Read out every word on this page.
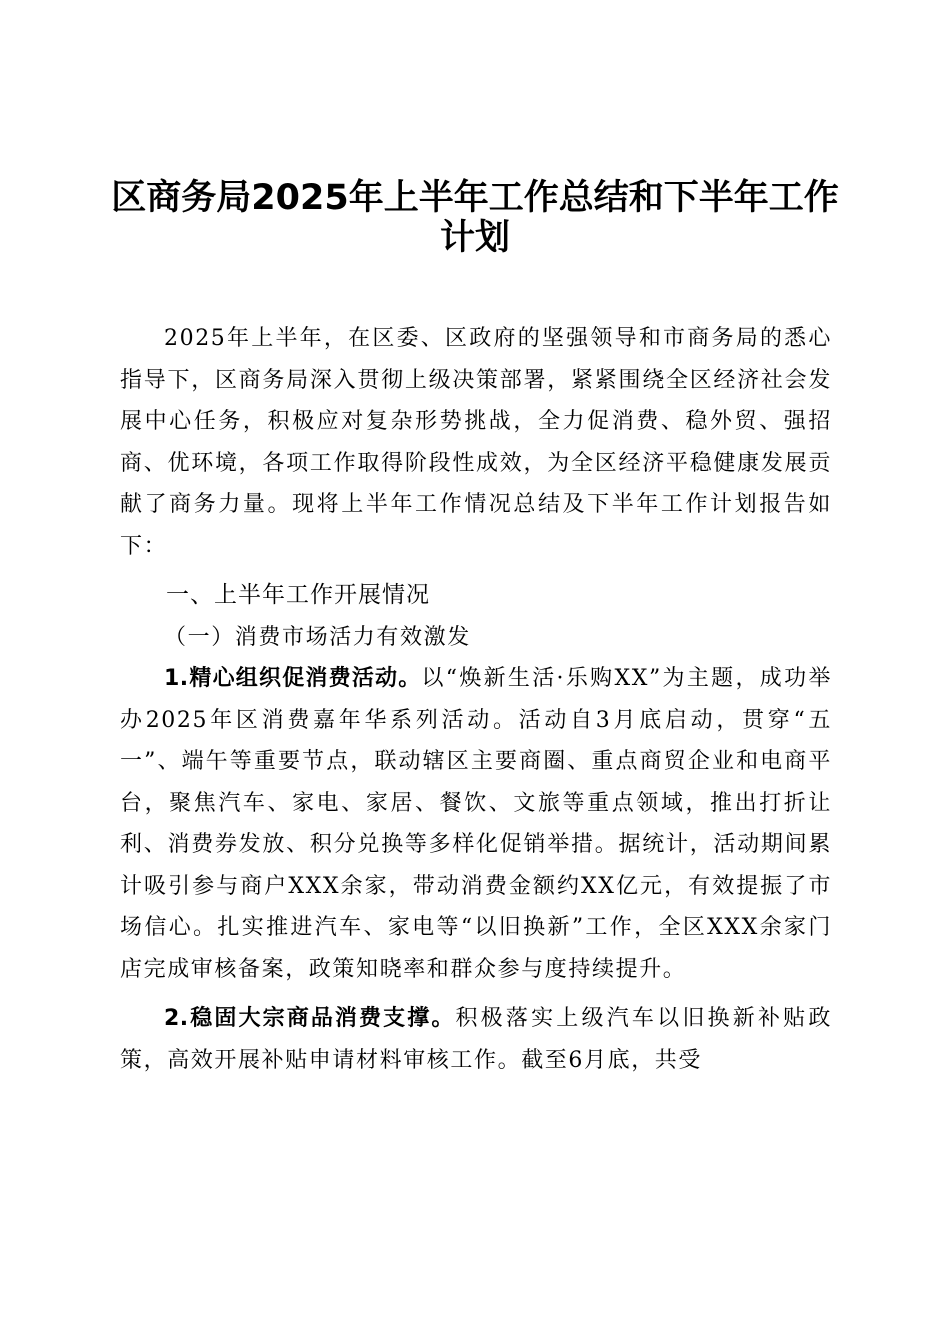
区商务局2025年上半年工作总结和下半年工作计划

2025年上半年，在区委、区政府的坚强领导和市商务局的悉心指导下，区商务局深入贯彻上级决策部署，紧紧围绕全区经济社会发展中心任务，积极应对复杂形势挑战，全力促消费、稳外贸、强招商、优环境，各项工作取得阶段性成效，为全区经济平稳健康发展贡献了商务力量。现将上半年工作情况总结及下半年工作计划报告如下：

一、上半年工作开展情况

（一）消费市场活力有效激发

1.精心组织促消费活动。以“焕新生活·乐购XX”为主题，成功举办2025年区消费嘉年华系列活动。活动自3月底启动，贯穿“五一”、端午等重要节点，联动辖区主要商圈、重点商贸企业和电商平台，聚焦汽车、家电、家居、餐饮、文旅等重点领域，推出打折让利、消费券发放、积分兑换等多样化促销举措。据统计，活动期间累计吸引参与商户XXX余家，带动消费金额约XX亿元，有效提振了市场信心。扎实推进汽车、家电等“以旧换新”工作，全区XXX余家门店完成审核备案，政策知晓率和群众参与度持续提升。

2.稳固大宗商品消费支撑。积极落实上级汽车以旧换新补贴政策，高效开展补贴申请材料审核工作。截至6月底，共受
